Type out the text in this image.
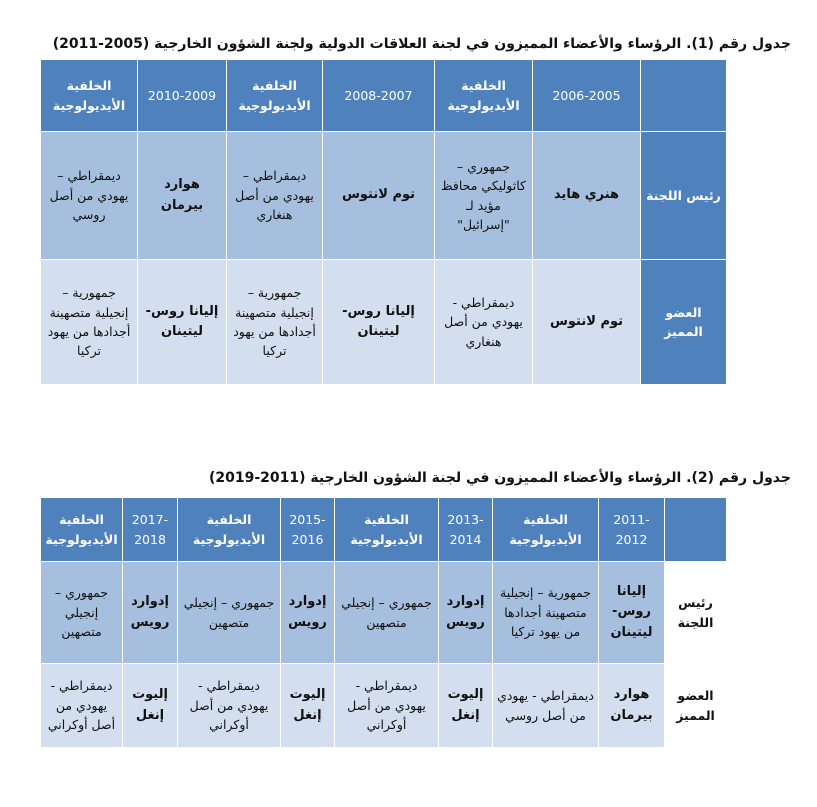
جدول رقم (1). الرؤساء والأعضاء المميزون في لجنة العلاقات الدولية ولجنة الشؤون الخارجية (2005-2011)
	2006-2005	الخلفية الأيديولوجية	2008-2007	الخلفية الأيديولوجية	2010-2009	الخلفية الأيديولوجية
رئيس اللجنة	هنري هايد	جمهوري – كاثوليكي محافظ مؤيد لـ "إسرائيل"	توم لانتوس	ديمقراطي – يهودي من أصل هنغاري	هوارد بيرمان	ديمقراطي – يهودي من أصل روسي
العضو المميز	توم لانتوس	ديمقراطي - يهودي من أصل هنغاري	إليانا روس-ليتينان	جمهورية – إنجيلية متصهينة أجدادها من يهود تركيا	إليانا روس-ليتينان	جمهورية – إنجيلية متصهينة أجدادها من يهود تركيا
جدول رقم (2). الرؤساء والأعضاء المميزون في لجنة الشؤون الخارجية (2011-2019)
	2011-2012	الخلفية الأيديولوجية	2013-2014	الخلفية الأيديولوجية	2015-2016	الخلفية الأيديولوجية	2017-2018	الخلفية الأيديولوجية
رئيس اللجنة	إليانا روس-ليتينان	جمهورية – إنجيلية متصهينة أجدادها من يهود تركيا	إدوارد رويس	جمهوري – إنجيلي متصهين	إدوارد رويس	جمهوري – إنجيلي متصهين	إدوارد رويس	جمهوري – إنجيلي متصهين
العضو المميز	هوارد بيرمان	ديمقراطي - يهودي من أصل روسي	إليوت إنغل	ديمقراطي - يهودي من أصل أوكراني	إليوت إنغل	ديمقراطي - يهودي من أصل أوكراني	إليوت إنغل	ديمقراطي - يهودي من أصل أوكراني
